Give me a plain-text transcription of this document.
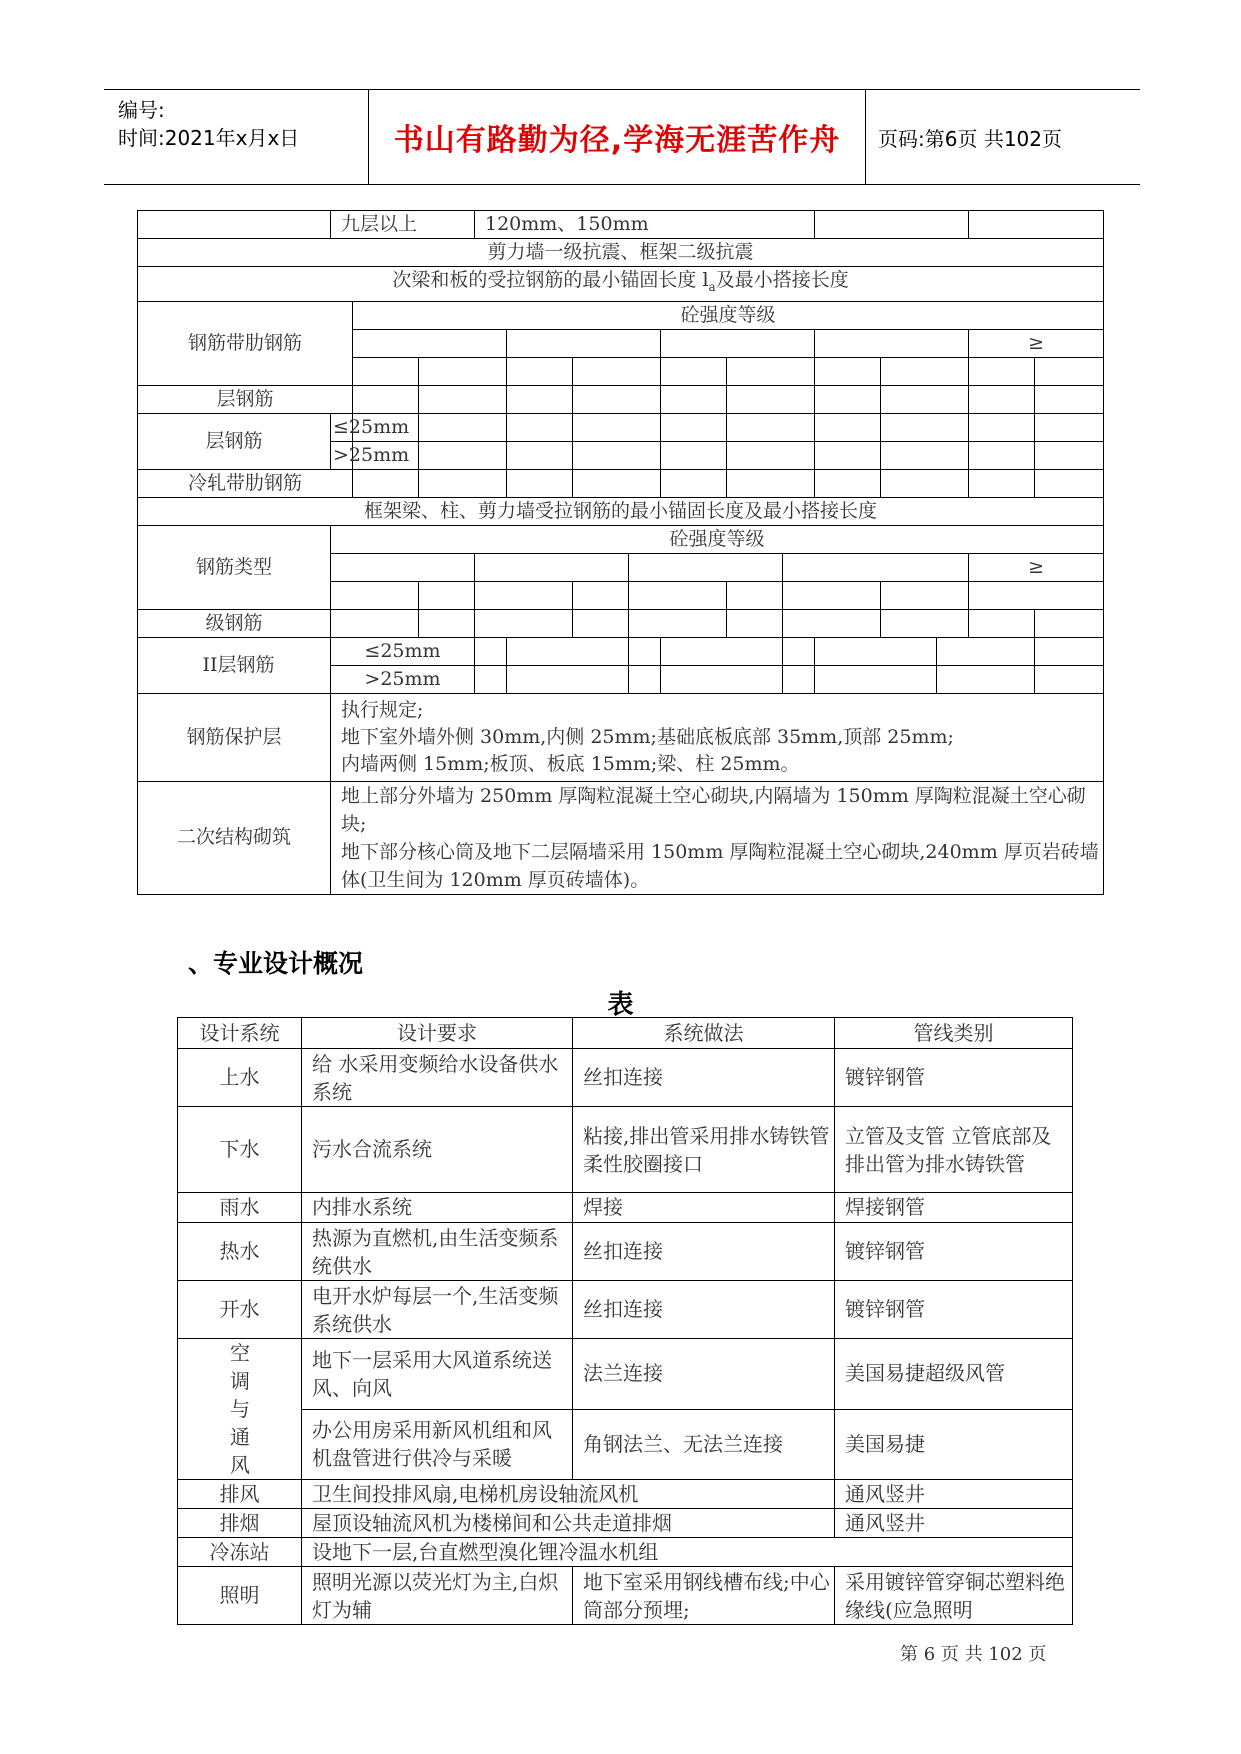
编号:
时间:2021年x月x日	书山有路勤为径,学海无涯苦作舟 页码:第6页 共102页
		九层以上			120mm、150mm												
剪力墙一级抗震、框架二级抗震																	
次梁和板的受拉钢筋的最小锚固长度 $l_a$及最小搭接长度																	
钢筋带肋钢筋			砼强度等级														
															≥		

层钢筋																	
层钢筋		≤25mm															
		>25mm															
冷轧带肋钢筋																	
框架梁、柱、剪力墙受拉钢筋的最小锚固长度及最小搭接长度																	
钢筋类型		砼强度等级															
															≥		

级钢筋																	
	II层钢筋	≤25mm															
		>25mm															
钢筋保护层		执行规定;
地下室外墙外侧 30mm,内侧 25mm;基础底板底部 35mm,顶部 25mm;
内墙两侧 15mm;板顶、板底 15mm;梁、柱 25mm。															

二次结构砌筑		地上部分外墙为 250mm 厚陶粒混凝土空心砌块,内隔墙为 150mm 厚陶粒混凝土空心砌块;
地下部分核心筒及地下二层隔墙采用 150mm 厚陶粒混凝土空心砌块,240mm 厚页岩砖墙体(卫生间为 120mm 厚页砖墙体)。															
、专业设计概况
表
设计系统	设计要求	系统做法	管线类别
上水	给 水采用变频给水设备供水系统	丝扣连接	镀锌钢管
下水	污水合流系统	粘接,排出管采用排水铸铁管柔性胶圈接口	立管及支管 立管底部及排出管为排水铸铁管
雨水	内排水系统	焊接	焊接钢管
热水	热源为直燃机,由生活变频系统供水	丝扣连接	镀锌钢管
开水	电开水炉每层一个,生活变频系统供水	丝扣连接	镀锌钢管
空调与通风	地下一层采用大风道系统送风、向风	法兰连接	美国易捷超级风管
	办公用房采用新风机组和风机盘管进行供冷与采暖	角钢法兰、无法兰连接	美国易捷
排风	卫生间投排风扇,电梯机房设轴流风机		通风竖井
排烟	屋顶设轴流风机为楼梯间和公共走道排烟		通风竖井
冷冻站	设地下一层,台直燃型溴化锂冷温水机组		
照明	照明光源以荧光灯为主,白炽灯为辅	地下室采用钢线槽布线;中心筒部分预埋;	采用镀锌管穿铜芯塑料绝 缘线(应急照明
第 6 页 共 102 页
